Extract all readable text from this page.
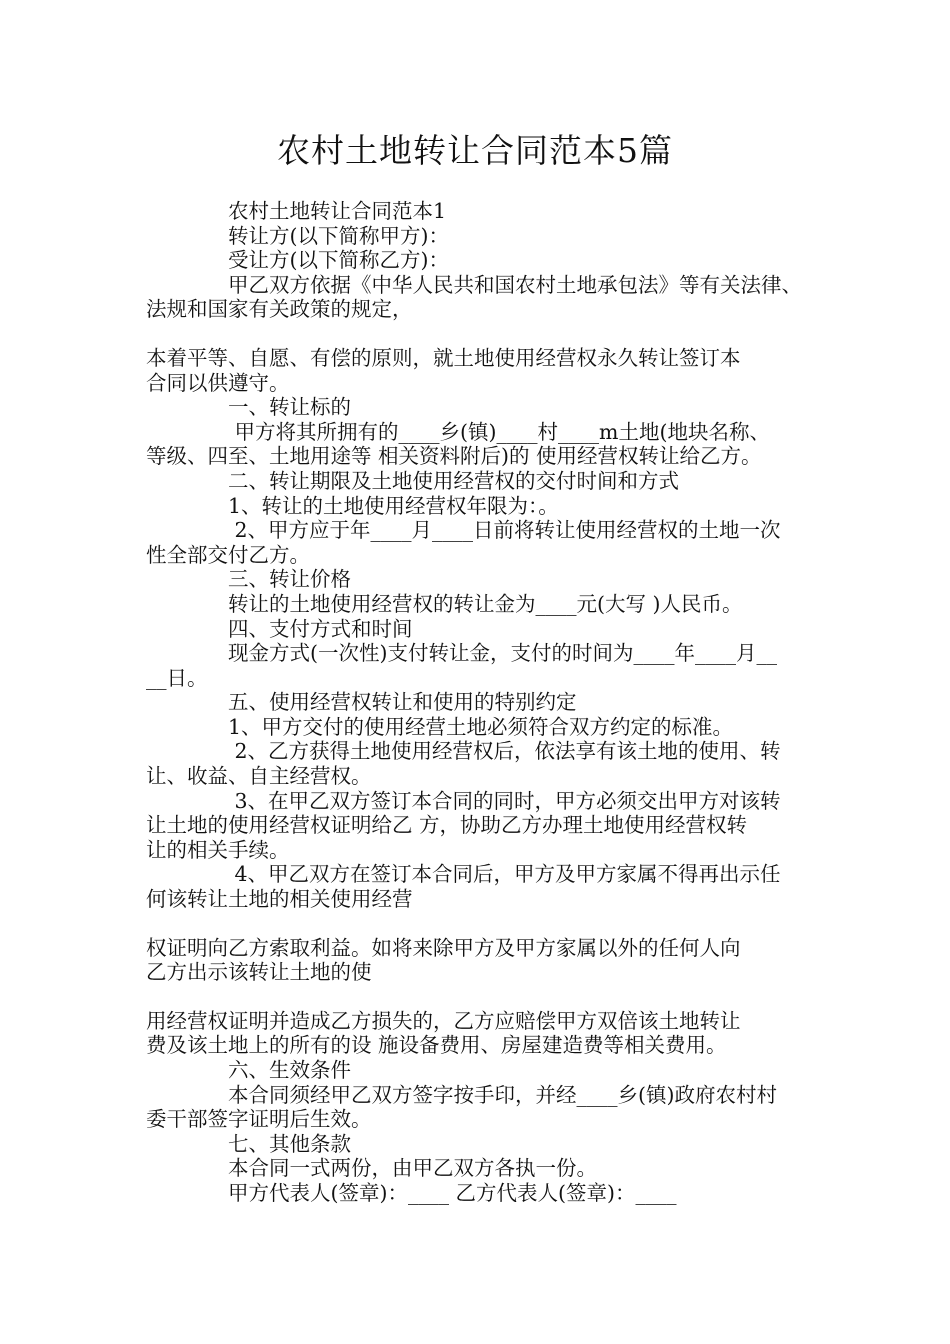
农村土地转让合同范本5篇

　　　　农村土地转让合同范本1

　　　　转让方(以下简称甲方)：

　　　　受让方(以下简称乙方)：

　　　　甲乙双方依据《中华人民共和国农村土地承包法》等有关法律、

法规和国家有关政策的规定，

本着平等、自愿、有偿的原则，就土地使用经营权永久转让签订本

合同以供遵守。

　　　　一、转让标的

　　　　 甲方将其所拥有的____乡(镇)____村____m土地(地块名称、

等级、四至、土地用途等 相关资料附后)的 使用经营权转让给乙方。

　　　　二、转让期限及土地使用经营权的交付时间和方式

　　　　1、转让的土地使用经营权年限为：。

　　　　 2、甲方应于年____月____日前将转让使用经营权的土地一次

性全部交付乙方。

　　　　三、转让价格

　　　　转让的土地使用经营权的转让金为____元(大写 )人民币。

　　　　四、支付方式和时间

　　　　现金方式(一次性)支付转让金，支付的时间为____年____月__

__日。

　　　　五、使用经营权转让和使用的特别约定

　　　　1、甲方交付的使用经营土地必须符合双方约定的标准。

　　　　 2、乙方获得土地使用经营权后，依法享有该土地的使用、转

让、收益、自主经营权。

　　　　 3、在甲乙双方签订本合同的同时，甲方必须交出甲方对该转

让土地的使用经营权证明给乙 方，协助乙方办理土地使用经营权转

让的相关手续。

　　　　 4、甲乙双方在签订本合同后，甲方及甲方家属不得再出示任

何该转让土地的相关使用经营

权证明向乙方索取利益。如将来除甲方及甲方家属以外的任何人向

乙方出示该转让土地的使

用经营权证明并造成乙方损失的，乙方应赔偿甲方双倍该土地转让

费及该土地上的所有的设 施设备费用、房屋建造费等相关费用。

　　　　六、生效条件

　　　　本合同须经甲乙双方签字按手印，并经____乡(镇)政府农村村

委干部签字证明后生效。

　　　　七、其他条款

　　　　本合同一式两份，由甲乙双方各执一份。

　　　　甲方代表人(签章)：____ 乙方代表人(签章)：____
